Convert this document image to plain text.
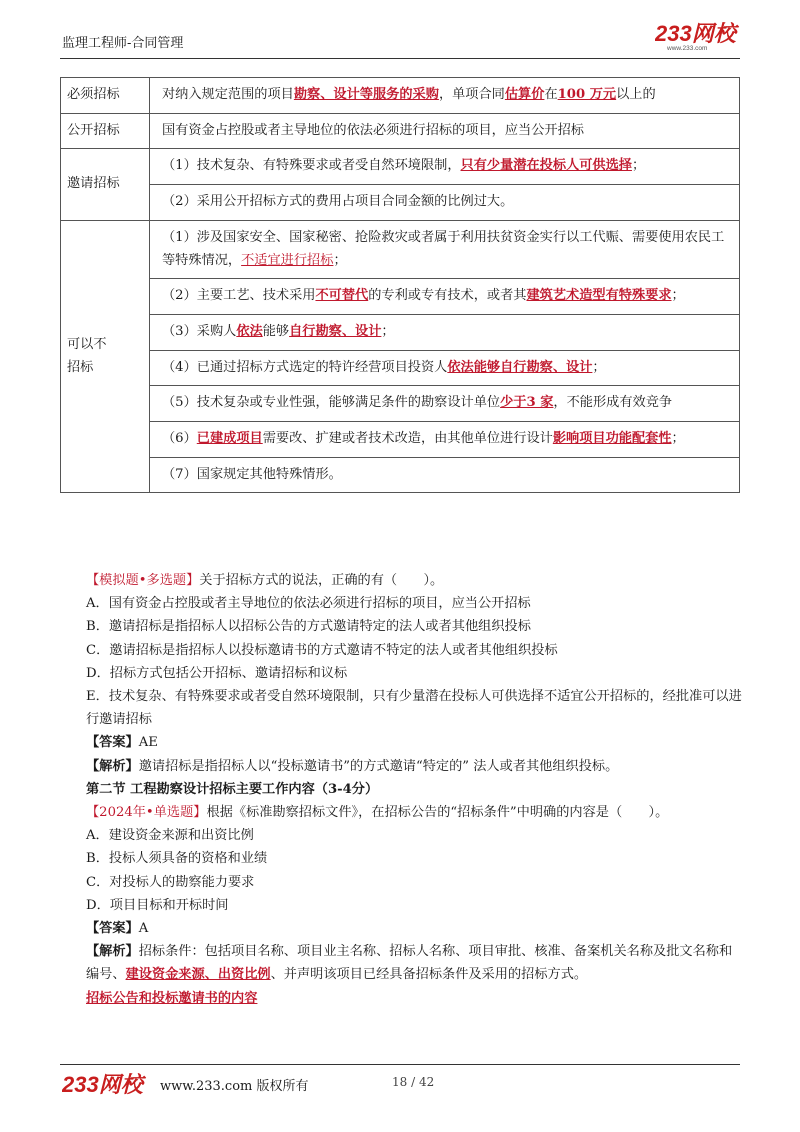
监理工程师-合同管理	233网校
www.233.com
必须招标	对纳入规定范围的项目勘察、设计等服务的采购，单项合同估算价在100 万元以上的
公开招标	国有资金占控股或者主导地位的依法必须进行招标的项目，应当公开招标
邀请招标	（1）技术复杂、有特殊要求或者受自然环境限制，只有少量潜在投标人可供选择；
	（2）采用公开招标方式的费用占项目合同金额的比例过大。

可以不
招标	（1）涉及国家安全、国家秘密、抢险救灾或者属于利用扶贫资金实行以工代赈、需要使用农民工等特殊情况，不适宜进行招标；
	（2）主要工艺、技术采用不可替代的专利或专有技术，或者其建筑艺术造型有特殊要求；
	（3）采购人依法能够自行勘察、设计；
	（4）已通过招标方式选定的特许经营项目投资人依法能够自行勘察、设计；
	（5）技术复杂或专业性强，能够满足条件的勘察设计单位少于3 家，不能形成有效竞争
	（6）已建成项目需要改、扩建或者技术改造，由其他单位进行设计影响项目功能配套性；
	（7）国家规定其他特殊情形。

【模拟题•多选题】关于招标方式的说法，正确的有（　　）。

A．国有资金占控股或者主导地位的依法必须进行招标的项目，应当公开招标

B．邀请招标是指招标人以招标公告的方式邀请特定的法人或者其他组织投标

C．邀请招标是指招标人以投标邀请书的方式邀请不特定的法人或者其他组织投标

D．招标方式包括公开招标、邀请招标和议标

E．技术复杂、有特殊要求或者受自然环境限制，只有少量潜在投标人可供选择不适宜公开招标的，经批准可以进行邀请招标

【答案】AE

【解析】邀请招标是指招标人以“投标邀请书”的方式邀请“特定的” 法人或者其他组织投标。

第二节 工程勘察设计招标主要工作内容（3-4分）

【2024年•单选题】根据《标准勘察招标文件》，在招标公告的“招标条件”中明确的内容是（　　）。

A．建设资金来源和出资比例

B．投标人须具备的资格和业绩

C．对投标人的勘察能力要求

D．项目目标和开标时间

【答案】A

【解析】招标条件：包括项目名称、项目业主名称、招标人名称、项目审批、核准、备案机关名称及批文名称和编号、建设资金来源、出资比例、并声明该项目已经具备招标条件及采用的招标方式。

招标公告和投标邀请书的内容

233网校	www.233.com 版权所有	18 / 42
